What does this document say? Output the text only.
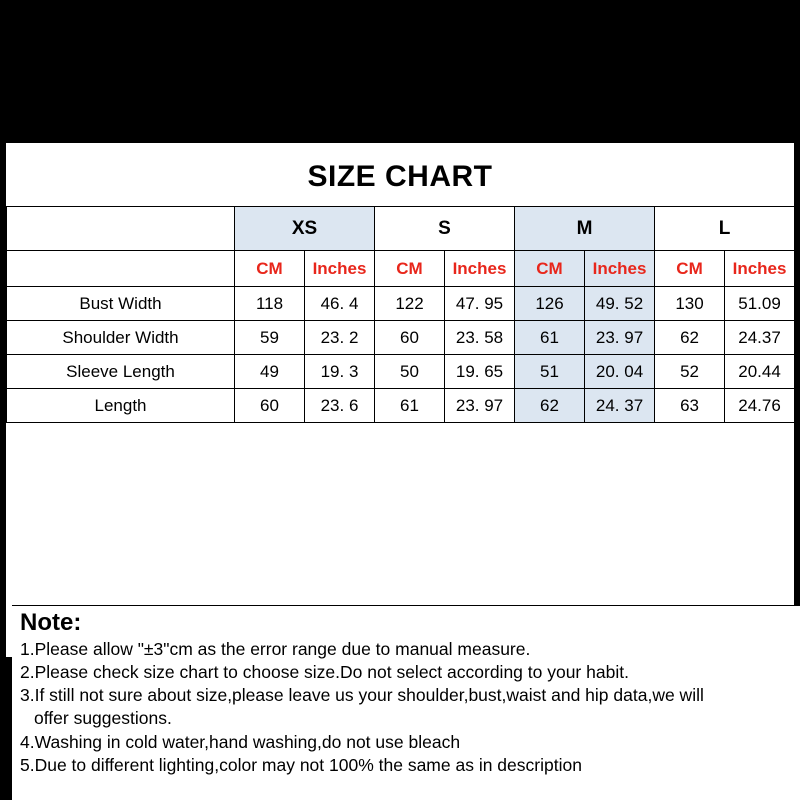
SIZE CHART
	XS		S		M		L	
	CM	Inches	CM	Inches	CM	Inches	CM	Inches
Bust Width	118	46. 4	122	47. 95	126	49. 52	130	51.09
Shoulder Width	59	23. 2	60	23. 58	61	23. 97	62	24.37
Sleeve Length	49	19. 3	50	19. 65	51	20. 04	52	20.44
Length	60	23. 6	61	23. 97	62	24. 37	63	24.76
Note:
1.Please allow "±3"cm as the error range due to manual measure.
2.Please check size chart to choose size.Do not select according to your habit.
3.If still not sure about size,please leave us your shoulder,bust,waist and hip data,we will
offer suggestions.
4.Washing in cold water,hand washing,do not use bleach
5.Due to different lighting,color may not 100% the same as in description
